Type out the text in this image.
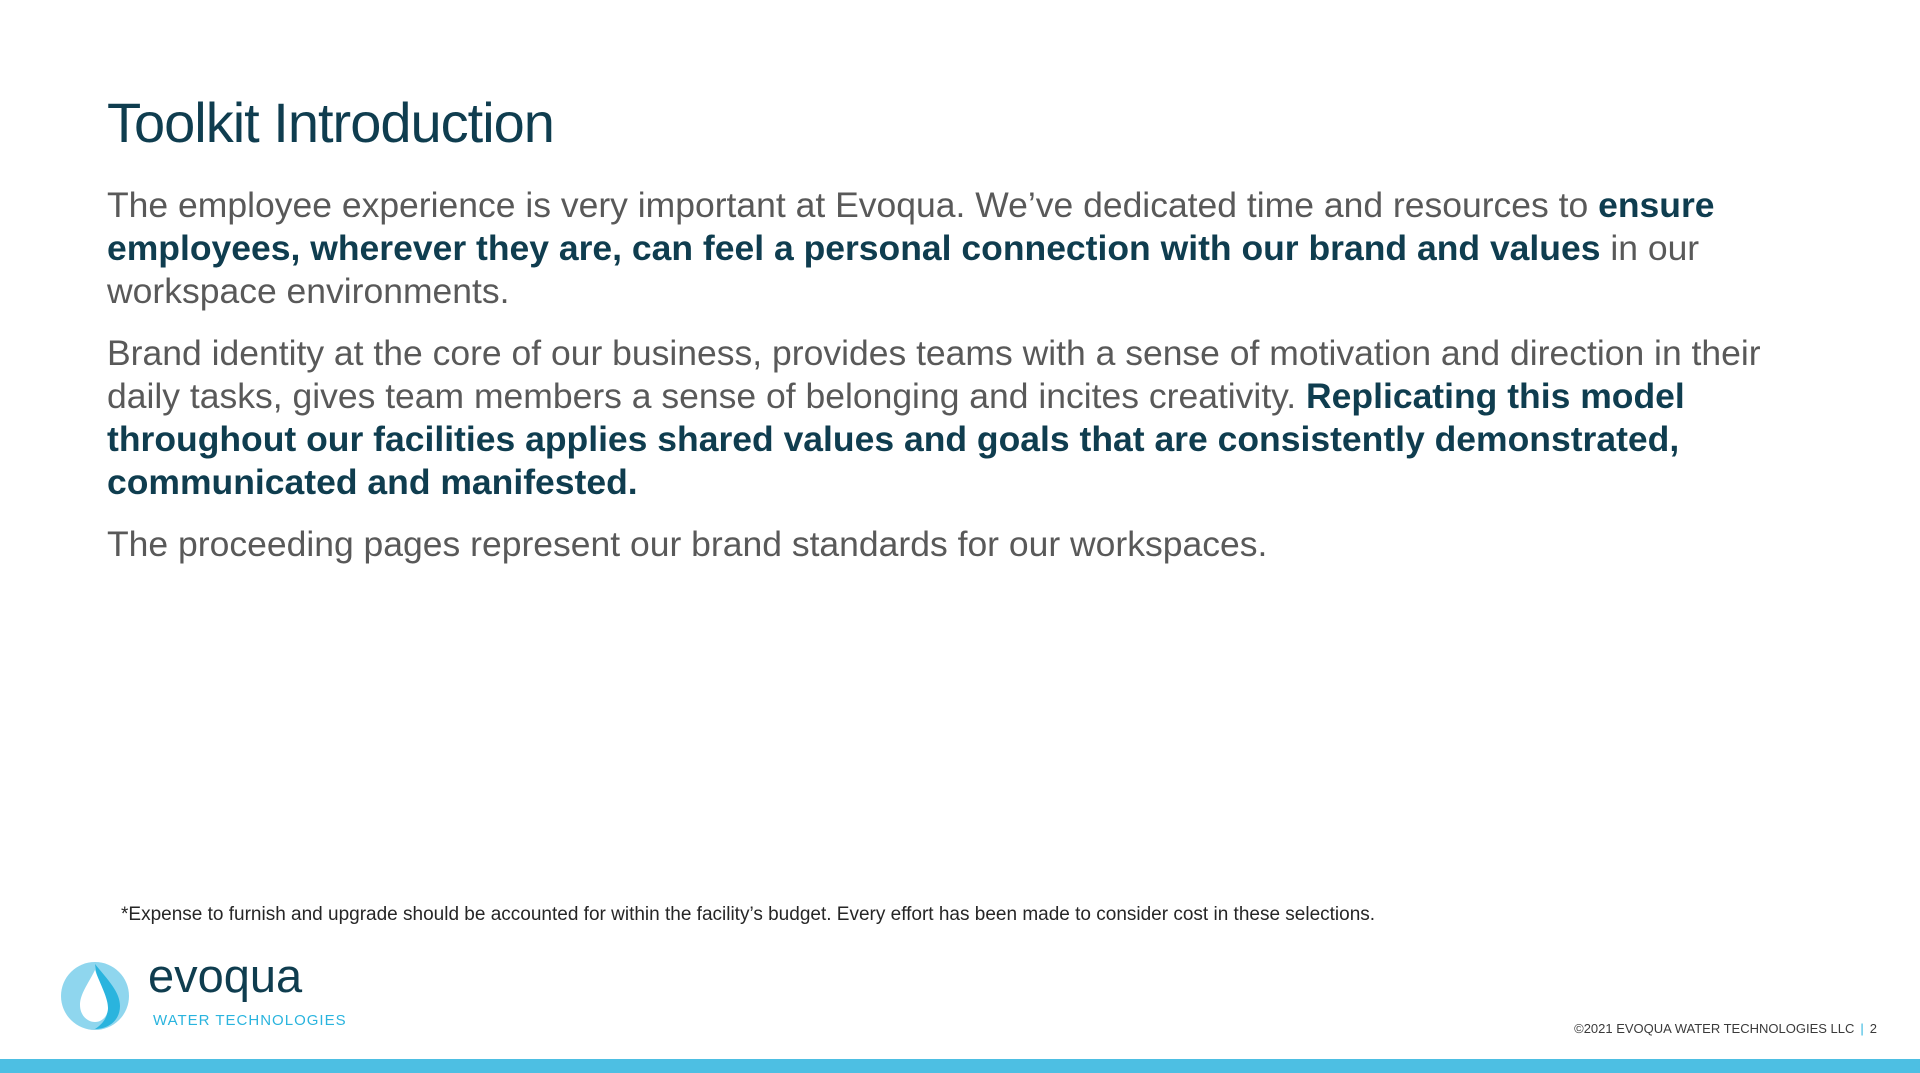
Toolkit Introduction

The employee experience is very important at Evoqua. We’ve dedicated time and resources to ensure employees, wherever they are, can feel a personal connection with our brand and values in our workspace environments.

Brand identity at the core of our business, provides teams with a sense of motivation and direction in their daily tasks, gives team members a sense of belonging and incites creativity. Replicating this model throughout our facilities applies shared values and goals that are consistently demonstrated, communicated and manifested.

The proceeding pages represent our brand standards for our workspaces.

*Expense to furnish and upgrade should be accounted for within the facility’s budget. Every effort has been made to consider cost in these selections.
evoqua
WATER TECHNOLOGIES	©2021 EVOQUA WATER TECHNOLOGIES LLC | 2
